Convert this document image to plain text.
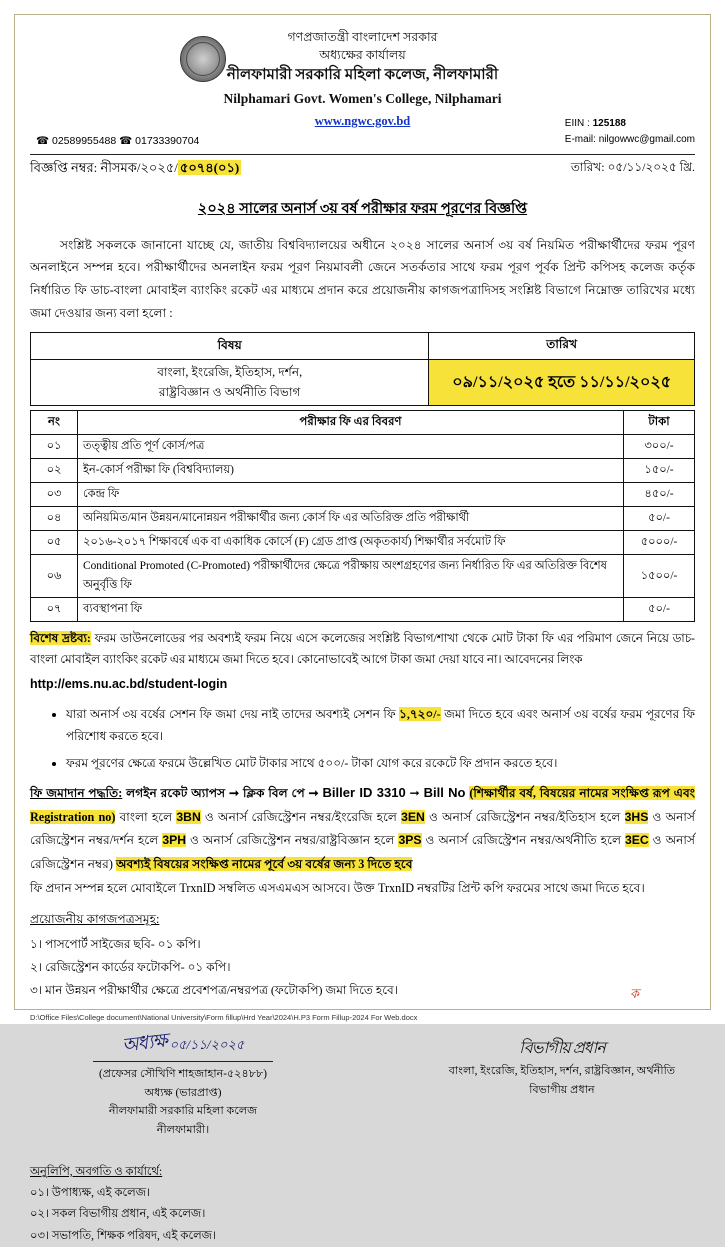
গণপ্রজাতন্ত্রী বাংলাদেশ সরকার
অধ্যক্ষের কার্যালয়
নীলফামারী সরকারি মহিলা কলেজ, নীলফামারী
Nilphamari Govt. Women's College, Nilphamari
www.ngwc.gov.bd	EIIN : 125188
E-mail: nilgowwc@gmail.com
☎ 02589955488 ☎ 01733390704
বিজ্ঞপ্তি নম্বর: নীসমক/২০২৫/ ৫০৭৪(০১)	তারিখ: ০৫/১১/২০২৫ খ্রি.
২০২৪ সালের অনার্স ৩য় বর্ষ পরীক্ষার ফরম পূরণের বিজ্ঞপ্তি

সংশ্লিষ্ট সকলকে জানানো যাচ্ছে যে, জাতীয় বিশ্ববিদ্যালয়ের অধীনে ২০২৪ সালের অনার্স ৩য় বর্ষ নিয়মিত পরীক্ষার্থীদের ফরম পূরণ অনলাইনে সম্পন্ন হবে। পরীক্ষার্থীদের অনলাইন ফরম পূরণ নিয়মাবলী জেনে সতর্কতার সাথে ফরম পূরণ পূর্বক প্রিন্ট কপিসহ কলেজ কর্তৃক নির্ধারিত ফি ডাচ-বাংলা মোবাইল ব্যাংকিং রকেট এর মাধ্যমে প্রদান করে প্রয়োজনীয় কাগজপত্রাদিসহ সংশ্লিষ্ট বিভাগে নিম্নোক্ত তারিখের মধ্যে জমা দেওয়ার জন্য বলা হলো :

বিষয়	তারিখ

বাংলা, ইংরেজি, ইতিহাস, দর্শন,
রাষ্ট্রবিজ্ঞান ও অর্থনীতি বিভাগ	০৯/১১/২০২৫ হতে ১১/১১/২০২৫
নং	পরীক্ষার ফি এর বিবরণ	টাকা
০১	তত্ত্বীয় প্রতি পূর্ণ কোর্স/পত্র	৩০০/-
০২	ইন-কোর্স পরীক্ষা ফি (বিশ্ববিদ্যালয়)	১৫০/-
০৩	কেন্দ্র ফি	৪৫০/-
০৪	অনিয়মিত/মান উন্নয়ন/মানোন্নয়ন পরীক্ষার্থীর জন্য কোর্স ফি এর অতিরিক্ত প্রতি পরীক্ষার্থী	৫০/-
০৫	২০১৬-২০১৭ শিক্ষাবর্ষে এক বা একাধিক কোর্সে (F) গ্রেড প্রাপ্ত (অকৃতকার্য) শিক্ষার্থীর সর্বমোট ফি	৫০০০/-
০৬	Conditional Promoted (C-Promoted) পরীক্ষার্থীদের ক্ষেত্রে পরীক্ষায় অংশগ্রহণের জন্য নির্ধারিত ফি এর অতিরিক্ত বিশেষ অনুর্বৃত্তি ফি	১৫০০/-
০৭	ব্যবস্থাপনা ফি	৫০/-
বিশেষ দ্রষ্টব্য: ফরম ডাউনলোডের পর অবশ্যই ফরম নিয়ে এসে কলেজের সংশ্লিষ্ট বিভাগ/শাখা থেকে মোট টাকা ফি এর পরিমাণ জেনে নিয়ে ডাচ-বাংলা মোবাইল ব্যাংকিং রকেট এর মাধ্যমে জমা দিতে হবে। কোনোভাবেই আগে টাকা জমা দেয়া যাবে না। আবেদনের লিংক
http://ems.nu.ac.bd/student-login
• যারা অনার্স ৩য় বর্ষের সেশন ফি জমা দেয় নাই তাদের অবশ্যই সেশন ফি ১,৭২০/- জমা দিতে হবে এবং অনার্স ৩য় বর্ষের ফরম পূরণের ফি পরিশোধ করতে হবে।
• ফরম পূরণের ক্ষেত্রে ফরমে উল্লেখিত মোট টাকার সাথে ৫০০/- টাকা যোগ করে রকেটে ফি প্রদান করতে হবে।
ফি জমাদান পদ্ধতি: লগইন রকেট অ্যাপস ➞ ক্লিক বিল পে ➞ Biller ID 3310 ➞ Bill No (শিক্ষার্থীর বর্ষ, বিষয়ের নামের সংক্ষিপ্ত রূপ এবং Registration no) বাংলা হলে 3BN ও অনার্স রেজিস্ট্রেশন নম্বর/ইংরেজি হলে 3EN ও অনার্স রেজিস্ট্রেশন নম্বর/ইতিহাস হলে 3HS ও অনার্স রেজিস্ট্রেশন নম্বর/দর্শন হলে 3PH ও অনার্স রেজিস্ট্রেশন নম্বর/রাষ্ট্রবিজ্ঞান হলে 3PS ও অনার্স রেজিস্ট্রেশন নম্বর/অর্থনীতি হলে 3EC ও অনার্স রেজিস্ট্রেশন নম্বর) অবশ্যই বিষয়ের সংক্ষিপ্ত নামের পূর্বে ৩য় বর্ষের জন্য 3 দিতে হবে

ফি প্রদান সম্পন্ন হলে মোবাইলে TrxnID সম্বলিত এসএমএস আসবে। উক্ত TrxnID নম্বরটির প্রিন্ট কপি ফরমের সাথে জমা দিতে হবে।

প্রয়োজনীয় কাগজপত্রসমূহ:
১। পাসপোর্ট সাইজের ছবি- ০১ কপি।
২। রেজিস্ট্রেশন কার্ডের ফটোকপি- ০১ কপি।
৩। মান উন্নয়ন পরীক্ষার্থীর ক্ষেত্রে প্রবেশপত্র/নম্বরপত্র (ফটোকপি) জমা দিতে হবে।
অধ্যক্ষ ০৫/১১/২০২৫
(প্রফেসর সৌখিণি শাহজাহান-৫২৪৮৮)
অধ্যক্ষ (ভারপ্রাপ্ত)
নীলফামারী সরকারি মহিলা কলেজ
নীলফামারী।
বিভাগীয় প্রধান
বাংলা, ইংরেজি, ইতিহাস, দর্শন, রাষ্ট্রবিজ্ঞান, অর্থনীতি
বিভাগীয় প্রধান
অনুলিপি, অবগতি ও কার্যার্থে:
০১। উপাধ্যক্ষ, এই কলেজ।
০২। সকল বিভাগীয় প্রধান, এই কলেজ।
০৩। সভাপতি, শিক্ষক পরিষদ, এই কলেজ।
ক
D:\Office Files\College document\National University\Form fillup\Hrd Year\2024\H.P3 Form Fillup-2024 For Web.docx
